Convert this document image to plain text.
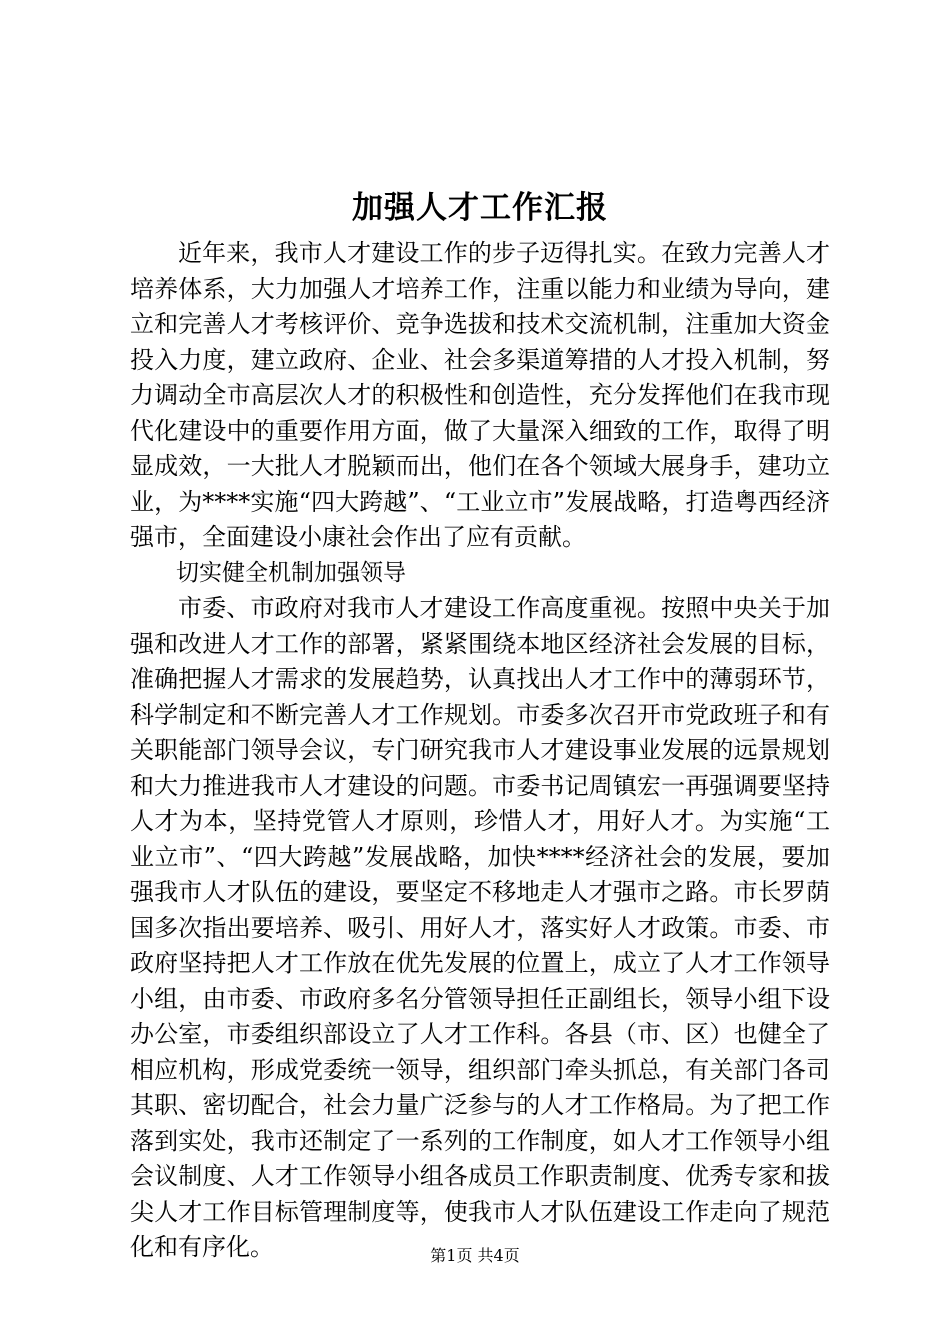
加强人才工作汇报

近年来，我市人才建设工作的步子迈得扎实。在致力完善人才培养体系，大力加强人才培养工作，注重以能力和业绩为导向，建立和完善人才考核评价、竞争选拔和技术交流机制，注重加大资金投入力度，建立政府、企业、社会多渠道筹措的人才投入机制，努力调动全市高层次人才的积极性和创造性，充分发挥他们在我市现代化建设中的重要作用方面，做了大量深入细致的工作，取得了明显成效，一大批人才脱颖而出，他们在各个领域大展身手，建功立业，为****实施“四大跨越”、“工业立市”发展战略，打造粤西经济强市，全面建设小康社会作出了应有贡献。

切实健全机制加强领导

市委、市政府对我市人才建设工作高度重视。按照中央关于加强和改进人才工作的部署，紧紧围绕本地区经济社会发展的目标，准确把握人才需求的发展趋势，认真找出人才工作中的薄弱环节，科学制定和不断完善人才工作规划。市委多次召开市党政班子和有关职能部门领导会议，专门研究我市人才建设事业发展的远景规划和大力推进我市人才建设的问题。市委书记周镇宏一再强调要坚持人才为本，坚持党管人才原则，珍惜人才，用好人才。为实施“工业立市”、“四大跨越”发展战略，加快****经济社会的发展，要加强我市人才队伍的建设，要坚定不移地走人才强市之路。市长罗荫国多次指出要培养、吸引、用好人才，落实好人才政策。市委、市政府坚持把人才工作放在优先发展的位置上，成立了人才工作领导小组，由市委、市政府多名分管领导担任正副组长，领导小组下设办公室，市委组织部设立了人才工作科。各县（市、区）也健全了相应机构，形成党委统一领导，组织部门牵头抓总，有关部门各司其职、密切配合，社会力量广泛参与的人才工作格局。为了把工作落到实处，我市还制定了一系列的工作制度，如人才工作领导小组会议制度、人才工作领导小组各成员工作职责制度、优秀专家和拔尖人才工作目标管理制度等，使我市人才队伍建设工作走向了规范化和有序化。	第1页 共4页
